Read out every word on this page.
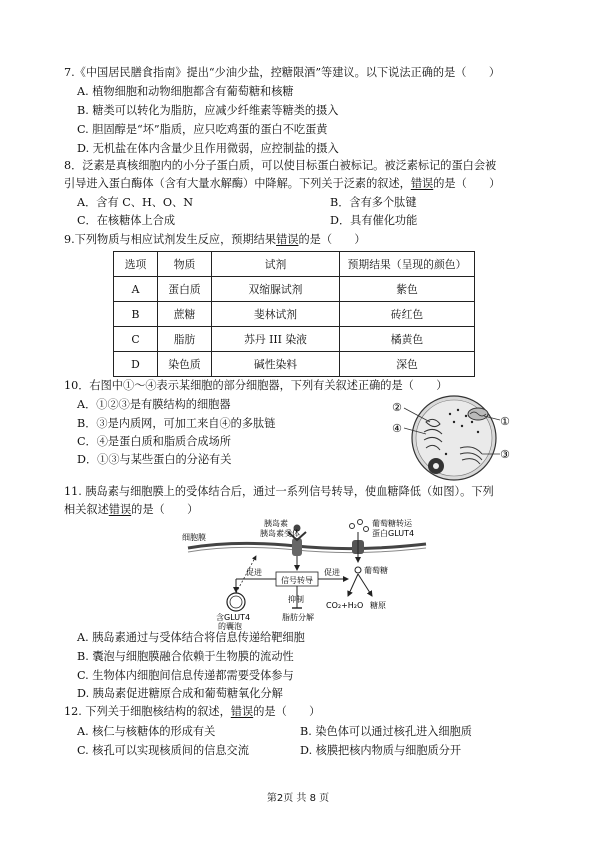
7.《中国居民膳食指南》提出“少油少盐，控糖限酒”等建议。以下说法正确的是（　　）
A. 植物细胞和动物细胞都含有葡萄糖和核糖
B. 糖类可以转化为脂肪，应减少纤维素等糖类的摄入
C. 胆固醇是“坏”脂质，应只吃鸡蛋的蛋白不吃蛋黄
D. 无机盐在体内含量少且作用微弱，应控制盐的摄入
8．泛素是真核细胞内的小分子蛋白质，可以使目标蛋白被标记。被泛素标记的蛋白会被
引导进入蛋白酶体（含有大量水解酶）中降解。下列关于泛素的叙述，错误的是（　　）
A．含有 C、H、O、N	B．含有多个肽键
C．在核糖体上合成	D．具有催化功能
9.下列物质与相应试剂发生反应，预期结果错误的是（　　）
选项	物质	试剂	预期结果（呈现的颜色）
A	蛋白质	双缩脲试剂	紫色
B	蔗糖	斐林试剂	砖红色
C	脂肪	苏丹 III 染液	橘黄色
D	染色质	碱性染料	深色
10．右图中①～④表示某细胞的部分细胞器，下列有关叙述正确的是（　　）
A．①②③是有膜结构的细胞器
B．③是内质网，可加工来自④的多肽链
C．④是蛋白质和脂质合成场所
D．①③与某些蛋白的分泌有关
②
④
①
③
11. 胰岛素与细胞膜上的受体结合后，通过一系列信号转导，使血糖降低（如图）。下列
相关叙述错误的是（　　）
细胞膜
胰岛素
胰岛素受体
葡萄糖转运
蛋白GLUT4
促进
信号转导
促进	葡萄糖
含GLUT4
的囊泡
抑制
脂肪分解
CO₂+H₂O 糖原
A. 胰岛素通过与受体结合将信息传递给靶细胞
B. 囊泡与细胞膜融合依赖于生物膜的流动性
C. 生物体内细胞间信息传递都需要受体参与
D. 胰岛素促进糖原合成和葡萄糖氧化分解
12. 下列关于细胞核结构的叙述，错误的是（　　）
A. 核仁与核糖体的形成有关	B. 染色体可以通过核孔进入细胞质
C. 核孔可以实现核质间的信息交流	D. 核膜把核内物质与细胞质分开
第2页 共 8 页
